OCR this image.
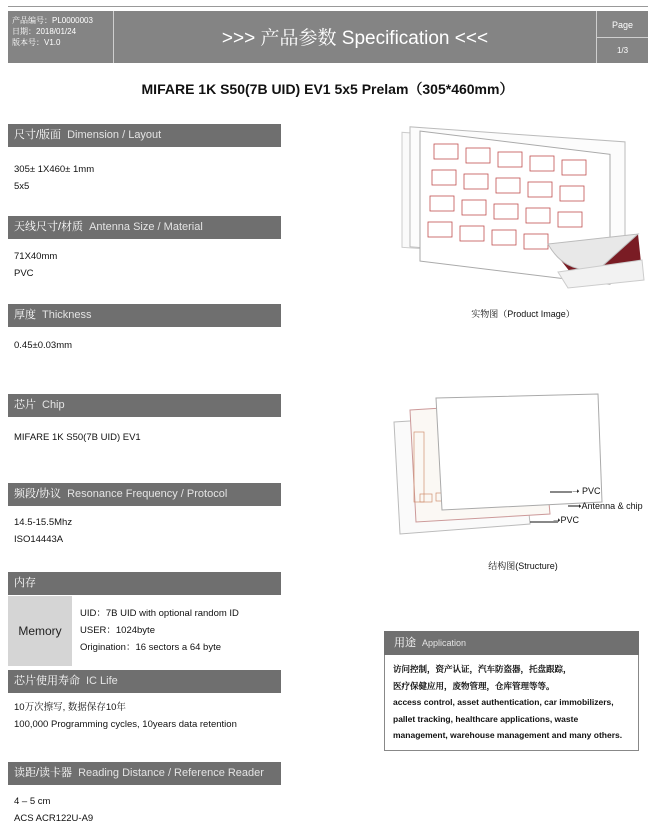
产品编号：PL0000003
日期：2018/01/24
版本号：V1.0	>>> 产品参数 Specification <<<
Page
1/3
MIFARE 1K S50(7B UID) EV1 5x5 Prelam（305*460mm）
尺寸/版面 Dimension / Layout
305± 1X460± 1mm
5x5
天线尺寸/材质 Antenna Size / Material
71X40mm
PVC
厚度 Thickness
0.45±0.03mm
芯片 Chip
MIFARE 1K S50(7B UID) EV1
频段/协议 Resonance Frequency / Protocol
14.5-15.5Mhz
ISO14443A
内存
Memory
UID：7B UID with optional random ID
USER：1024byte
Origination：16 sectors a 64 byte
芯片使用寿命 IC Life
10万次擦写, 数据保存10年
100,000 Programming cycles, 10years data retention
读距/读卡器 Reading Distance / Reference Reader
4 – 5 cm
ACS ACR122U-A9
实物图（Product Image）
➝ PVC
➝Antenna & chip
➝PVC
结构图(Structure)
用途 Application
访问控制，资产认证，汽车防盗器，托盘跟踪，
医疗保健应用，废物管理，仓库管理等等。
access control, asset authentication, car immobilizers,
pallet tracking, healthcare applications, waste
management, warehouse management and many others.
